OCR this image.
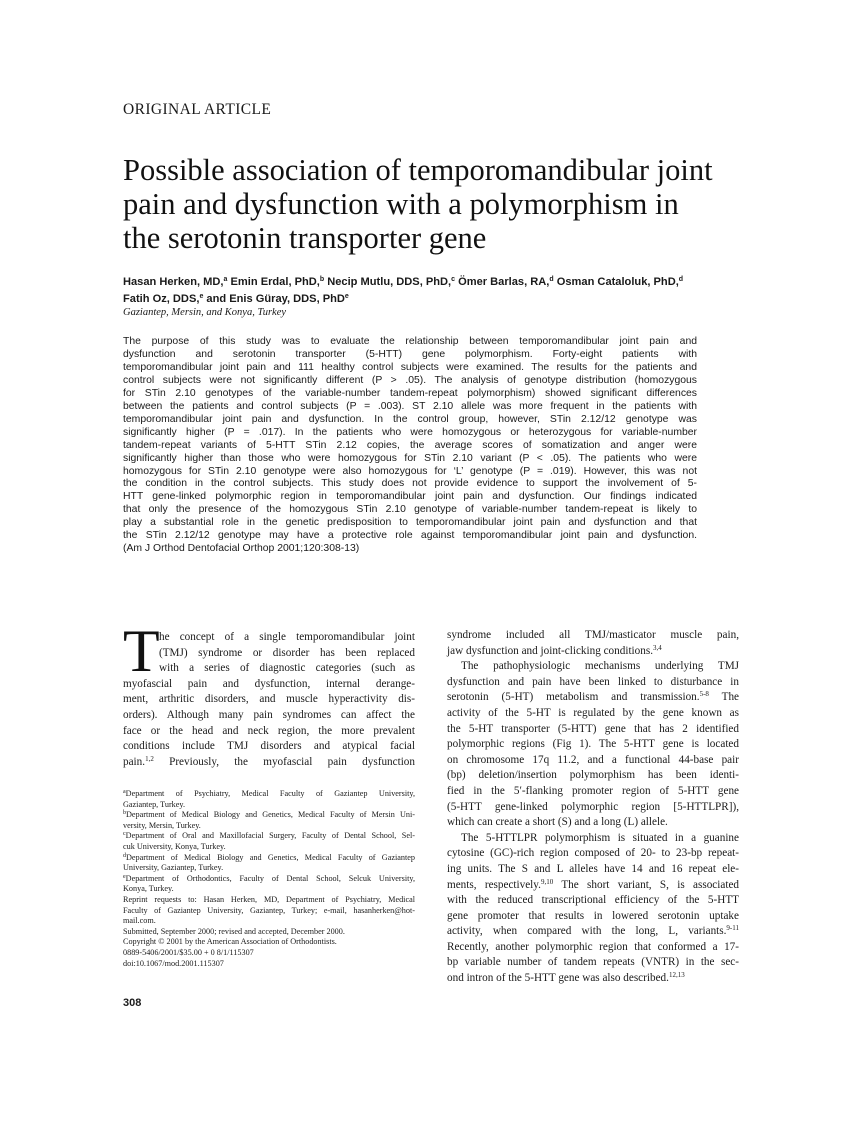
ORIGINAL ARTICLE
Possible association of temporomandibular joint
pain and dysfunction with a polymorphism in
the serotonin transporter gene
Hasan Herken, MD,$^a$ Emin Erdal, PhD,$^b$ Necip Mutlu, DDS, PhD,$^c$ Ömer Barlas, RA,$^d$ Osman Cataloluk, PhD,$^d$
Fatih Oz, DDS,$^e$ and Enis Güray, DDS, PhD$^e$
Gaziantep, Mersin, and Konya, Turkey
The purpose of this study was to evaluate the relationship between temporomandibular joint pain and
dysfunction and serotonin transporter (5-HTT) gene polymorphism. Forty-eight patients with
temporomandibular joint pain and 111 healthy control subjects were examined. The results for the patients and
control subjects were not significantly different (P > .05). The analysis of genotype distribution (homozygous
for STin 2.10 genotypes of the variable-number tandem-repeat polymorphism) showed significant differences
between the patients and control subjects (P = .003). ST 2.10 allele was more frequent in the patients with
temporomandibular joint pain and dysfunction. In the control group, however, STin 2.12/12 genotype was
significantly higher (P = .017). In the patients who were homozygous or heterozygous for variable-number
tandem-repeat variants of 5-HTT STin 2.12 copies, the average scores of somatization and anger were
significantly higher than those who were homozygous for STin 2.10 variant (P < .05). The patients who were
homozygous for STin 2.10 genotype were also homozygous for ‘L’ genotype (P = .019). However, this was not
the condition in the control subjects. This study does not provide evidence to support the involvement of 5-
HTT gene-linked polymorphic region in temporomandibular joint pain and dysfunction. Our findings indicated
that only the presence of the homozygous STin 2.10 genotype of variable-number tandem-repeat is likely to
play a substantial role in the genetic predisposition to temporomandibular joint pain and dysfunction and that
the STin 2.12/12 genotype may have a protective role against temporomandibular joint pain and dysfunction.
(Am J Orthod Dentofacial Orthop 2001;120:308-13)
T he concept of a single temporomandibular joint
(TMJ) syndrome or disorder has been replaced
with a series of diagnostic categories (such as
myofascial pain and dysfunction, internal derange-
ment, arthritic disorders, and muscle hyperactivity dis-
orders). Although many pain syndromes can affect the
face or the head and neck region, the more prevalent
conditions include TMJ disorders and atypical facial
pain.$^{1,2}$ Previously, the myofascial pain dysfunction
syndrome included all TMJ/masticator muscle pain,
jaw dysfunction and joint-clicking conditions.$^{3,4}$
The pathophysiologic mechanisms underlying TMJ
dysfunction and pain have been linked to disturbance in
serotonin (5-HT) metabolism and transmission.$^{5-8}$ The
activity of the 5-HT is regulated by the gene known as
the 5-HT transporter (5-HTT) gene that has 2 identified
polymorphic regions (Fig 1). The 5-HTT gene is located
on chromosome 17q 11.2, and a functional 44-base pair
(bp) deletion/insertion polymorphism has been identi-
fied in the 5′-flanking promoter region of 5-HTT gene
(5-HTT gene-linked polymorphic region [5-HTTLPR]),
which can create a short (S) and a long (L) allele.
The 5-HTTLPR polymorphism is situated in a guanine
cytosine (GC)-rich region composed of 20- to 23-bp repeat-
ing units. The S and L alleles have 14 and 16 repeat ele-
ments, respectively.$^{9,10}$ The short variant, S, is associated
with the reduced transcriptional efficiency of the 5-HTT
gene promoter that results in lowered serotonin uptake
activity, when compared with the long, L, variants.$^{9-11}$
Recently, another polymorphic region that conformed a 17-
bp variable number of tandem repeats (VNTR) in the sec-
ond intron of the 5-HTT gene was also described.$^{12,13}$
$^a$Department of Psychiatry, Medical Faculty of Gaziantep University,
Gaziantep, Turkey.
$^b$Department of Medical Biology and Genetics, Medical Faculty of Mersin Uni-
versity, Mersin, Turkey.
$^c$Department of Oral and Maxillofacial Surgery, Faculty of Dental School, Sel-
cuk University, Konya, Turkey.
$^d$Department of Medical Biology and Genetics, Medical Faculty of Gaziantep
University, Gaziantep, Turkey.
$^e$Department of Orthodontics, Faculty of Dental School, Selcuk University,
Konya, Turkey.
Reprint requests to: Hasan Herken, MD, Department of Psychiatry, Medical
Faculty of Gaziantep University, Gaziantep, Turkey; e-mail, hasanherken@hot-
mail.com.
Submitted, September 2000; revised and accepted, December 2000.
Copyright © 2001 by the American Association of Orthodontists.
0889-5406/2001/$35.00 + 0 8/1/115307
doi:10.1067/mod.2001.115307
308
